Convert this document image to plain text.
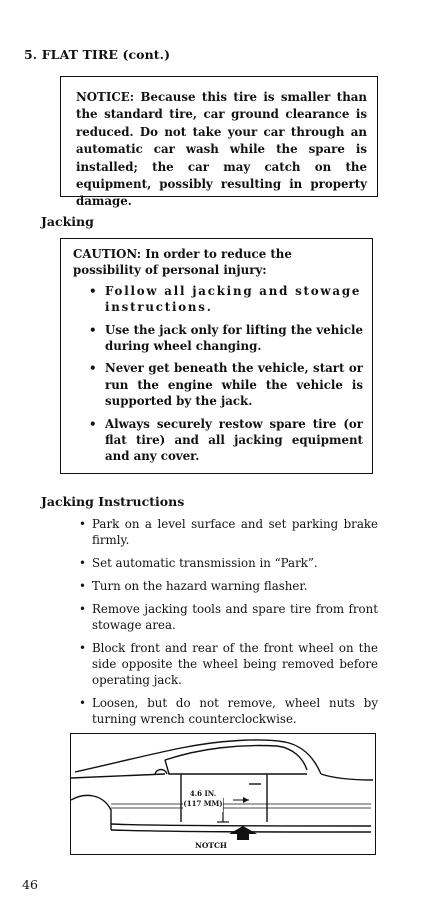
5. FLAT TIRE (cont.)
NOTICE: Because this tire is smaller than the standard tire, car ground clearance is reduced. Do not take your car through an automatic car wash while the spare is installed; the car may catch on the equipment, possibly resulting in property damage.
Jacking
CAUTION: In order to reduce the possibility of personal injury:
• Follow all jacking and stowage instructions.
• Use the jack only for lifting the vehicle during wheel changing.
• Never get beneath the vehicle, start or run the engine while the vehicle is supported by the jack.
• Always securely restow spare tire (or flat tire) and all jacking equipment and any cover.
Jacking Instructions
• Park on a level surface and set parking brake firmly.
• Set automatic transmission in “Park”.
• Turn on the hazard warning flasher.
• Remove jacking tools and spare tire from front stowage area.
• Block front and rear of the front wheel on the side opposite the wheel being removed before operating jack.
• Loosen, but do not remove, wheel nuts by turning wrench counterclockwise.
4.6 IN.
(117 MM)
NOTCH
46
